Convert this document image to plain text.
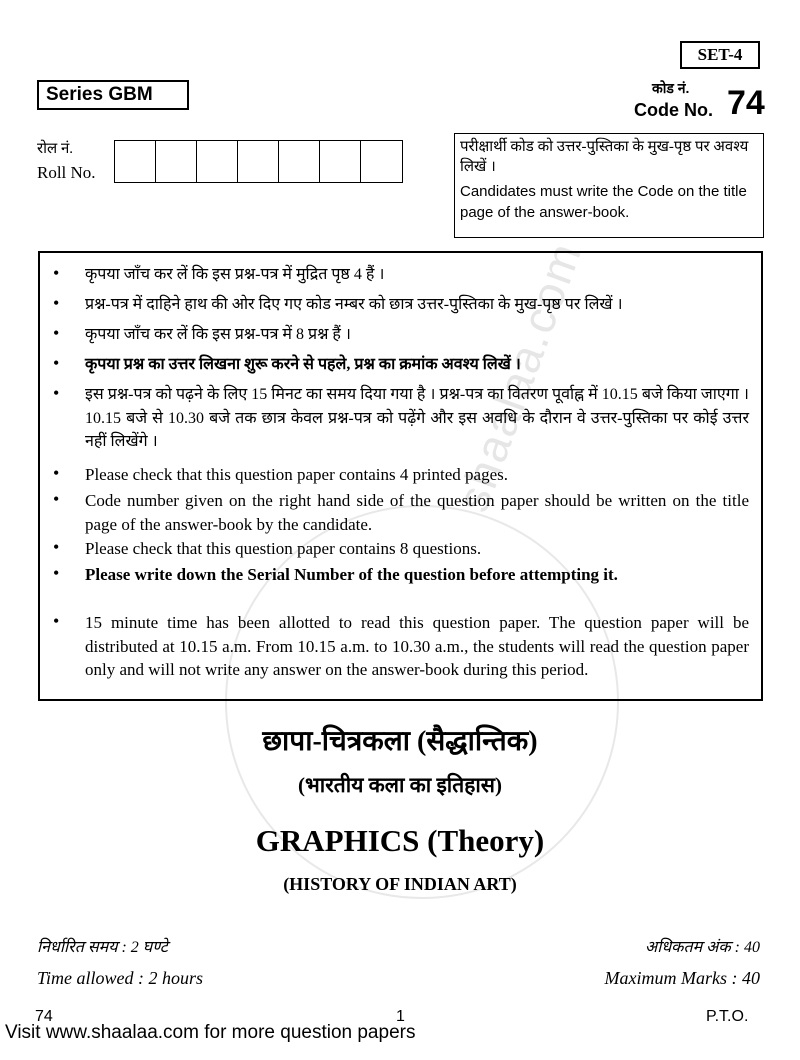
shaalaa.com
SET-4
Series GBM	कोड नं.
Code No. 74
रोल नं.
Roll No.
परीक्षार्थी कोड को उत्तर-पुस्तिका के मुख-पृष्ठ पर अवश्य लिखें ।
Candidates must write the Code on the title page of the answer-book.
• कृपया जाँच कर लें कि इस प्रश्न-पत्र में मुद्रित पृष्ठ 4 हैं ।
• प्रश्न-पत्र में दाहिने हाथ की ओर दिए गए कोड नम्बर को छात्र उत्तर-पुस्तिका के मुख-पृष्ठ पर लिखें ।
• कृपया जाँच कर लें कि इस प्रश्न-पत्र में 8 प्रश्न हैं ।
• कृपया प्रश्न का उत्तर लिखना शुरू करने से पहले, प्रश्न का क्रमांक अवश्य लिखें ।
• इस प्रश्न-पत्र को पढ़ने के लिए 15 मिनट का समय दिया गया है । प्रश्न-पत्र का वितरण पूर्वाह्न में 10.15 बजे किया जाएगा । 10.15 बजे से 10.30 बजे तक छात्र केवल प्रश्न-पत्र को पढ़ेंगे और इस अवधि के दौरान वे उत्तर-पुस्तिका पर कोई उत्तर नहीं लिखेंगे ।
• Please check that this question paper contains 4 printed pages.
• Code number given on the right hand side of the question paper should be written on the title page of the answer-book by the candidate.
• Please check that this question paper contains 8 questions.
• Please write down the Serial Number of the question before attempting it.
• 15 minute time has been allotted to read this question paper. The question paper will be distributed at 10.15 a.m. From 10.15 a.m. to 10.30 a.m., the students will read the question paper only and will not write any answer on the answer-book during this period.
छापा-चित्रकला (सैद्धान्तिक)
(भारतीय कला का इतिहास)
GRAPHICS (Theory)
(HISTORY OF INDIAN ART)
निर्धारित समय : 2 घण्टे	अधिकतम अंक : 40
Time allowed : 2 hours	Maximum Marks : 40
74	1	P.T.O.
Visit www.shaalaa.com for more question papers
